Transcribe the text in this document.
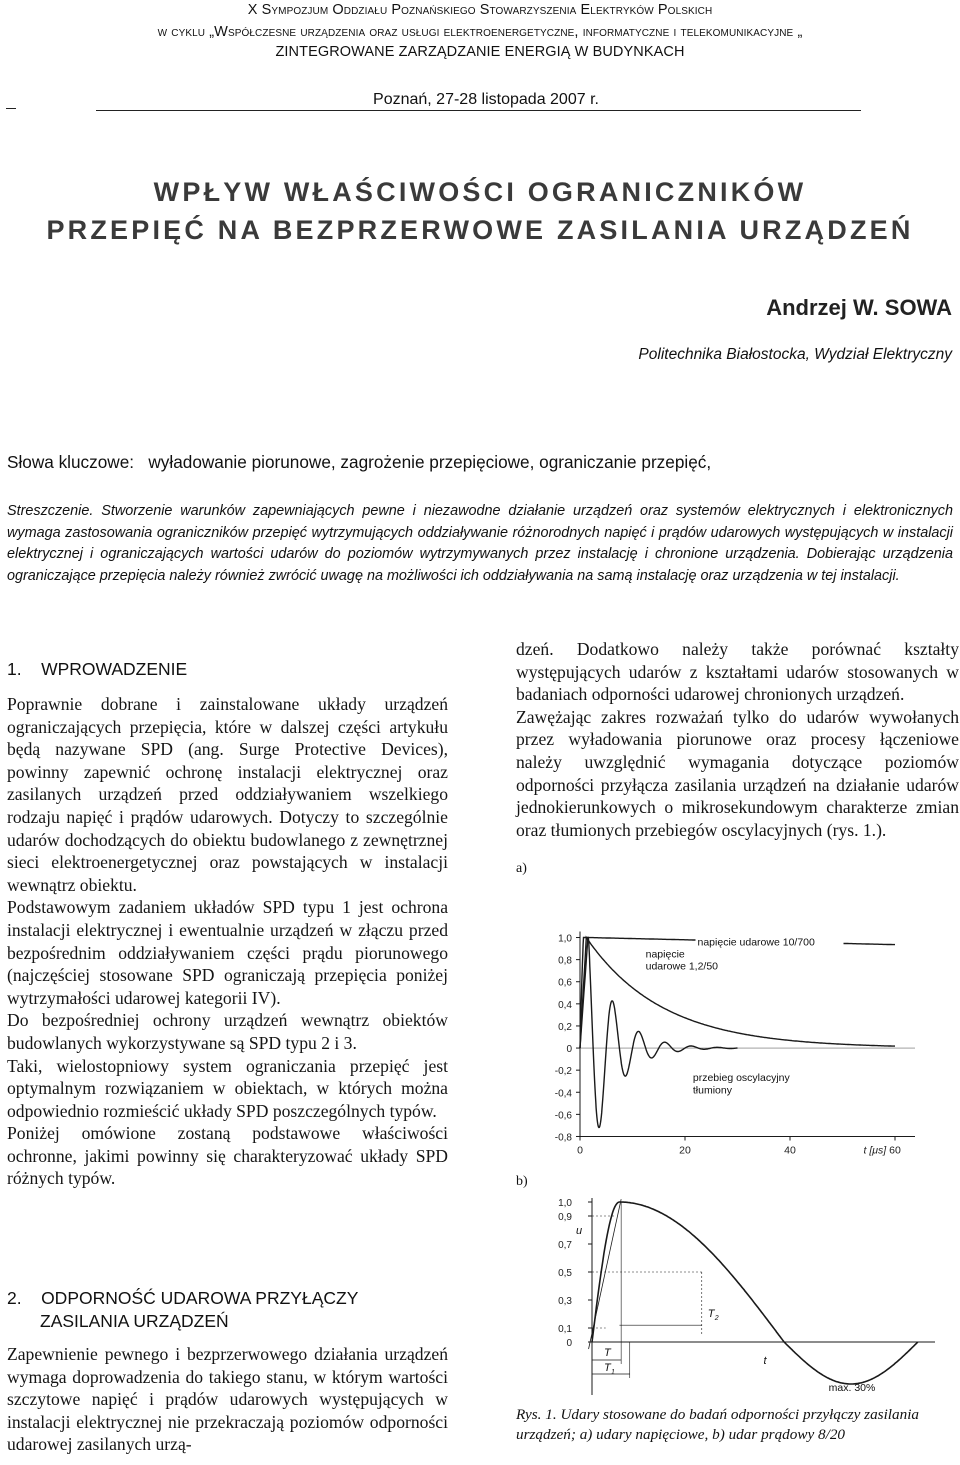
X Sympozjum Oddziału Poznańskiego Stowarzyszenia Elektryków Polskich
w cyklu „Współczesne urządzenia oraz usługi elektroenergetyczne, informatyczne i telekomunikacyjne „
ZINTEGROWANE ZARZĄDZANIE ENERGIĄ W BUDYNKACH
Poznań, 27-28 listopada 2007 r.
WPŁYW WŁAŚCIWOŚCI OGRANICZNIKÓW
PRZEPIĘĆ NA BEZPRZERWOWE ZASILANIA URZĄDZEŃ
Andrzej W. SOWA
Politechnika Białostocka, Wydział Elektryczny
Słowa kluczowe: wyładowanie piorunowe, zagrożenie przepięciowe, ograniczanie przepięć,
Streszczenie. Stworzenie warunków zapewniających pewne i niezawodne działanie urządzeń oraz systemów elektrycznych i elektronicznych wymaga zastosowania ograniczników przepięć wytrzymujących oddziaływanie różnorodnych napięć i prądów udarowych występujących w instalacji elektrycznej i ograniczających wartości udarów do poziomów wytrzymywanych przez instalację i chronione urządzenia. Dobierając urządzenia ograniczające przepięcia należy również zwrócić uwagę na możliwości ich oddziaływania na samą instalację oraz urządzenia w tej instalacji.
1. WPROWADZENIE

Poprawnie dobrane i zainstalowane układy urządzeń ograniczających przepięcia, które w dalszej części artykułu będą nazywane SPD (ang. Surge Protective Devices), powinny zapewnić ochronę instalacji elektrycznej oraz zasilanych urządzeń przed oddziaływaniem wszelkiego rodzaju napięć i prądów udarowych. Dotyczy to szczególnie udarów dochodzących do obiektu budowlanego z zewnętrznej sieci elektroenergetycznej oraz powstających w instalacji wewnątrz obiektu.

Podstawowym zadaniem układów SPD typu 1 jest ochrona instalacji elektrycznej i ewentualnie urządzeń w złączu przed bezpośrednim oddziaływaniem części prądu piorunowego (najczęściej stosowane SPD ograniczają przepięcia poniżej wytrzymałości udarowej kategorii IV).

Do bezpośredniej ochrony urządzeń wewnątrz obiektów budowlanych wykorzystywane są SPD typu 2 i 3.

Taki, wielostopniowy system ograniczania przepięć jest optymalnym rozwiązaniem w obiektach, w których można odpowiednio rozmieścić układy SPD poszczególnych typów.

Poniżej omówione zostaną podstawowe właściwości ochronne, jakimi powinny się charakteryzować układy SPD różnych typów.

2. ODPORNOŚĆ UDAROWA PRZYŁĄCZY
ZASILANIA URZĄDZEŃ

Zapewnienie pewnego i bezprzerwowego działania urządzeń wymaga doprowadzenia do takiego stanu, w którym wartości szczytowe napięć i prądów udarowych występujących w instalacji elektrycznej nie przekraczają poziomów odporności udarowej zasilanych urzą-

dzeń. Dodatkowo należy także porównać kształty występujących udarów z kształtami udarów stosowanych w badaniach odporności udarowej chronionych urządzeń.

Zawężając zakres rozważań tylko do udarów wywołanych przez wyładowania piorunowe oraz procesy łączeniowe należy uwzględnić wymagania dotyczące poziomów odporności przyłącza zasilania urządzeń na działanie udarów jednokierunkowych o mikrosekundowym charakterze zmian oraz tłumionych przebiegów oscylacyjnych (rys. 1.).

a)
b)
1,0
0,8
0,6
0,4
0,2
0
-0,2
-0,4
-0,6
-0,8
0	20	40	60
t [μs]
napięcie udarowe 10/700
napięcie
udarowe 1,2/50
przebieg oscylacyjny
tłumiony
1,0
0,9
0,7
0,5
0,3
0,1
0
u
T 2
T
T 1
t
max. 30%
Rys. 1. Udary stosowane do badań odporności przyłączy zasilania urządzeń; a) udary napięciowe, b) udar prądowy 8/20
